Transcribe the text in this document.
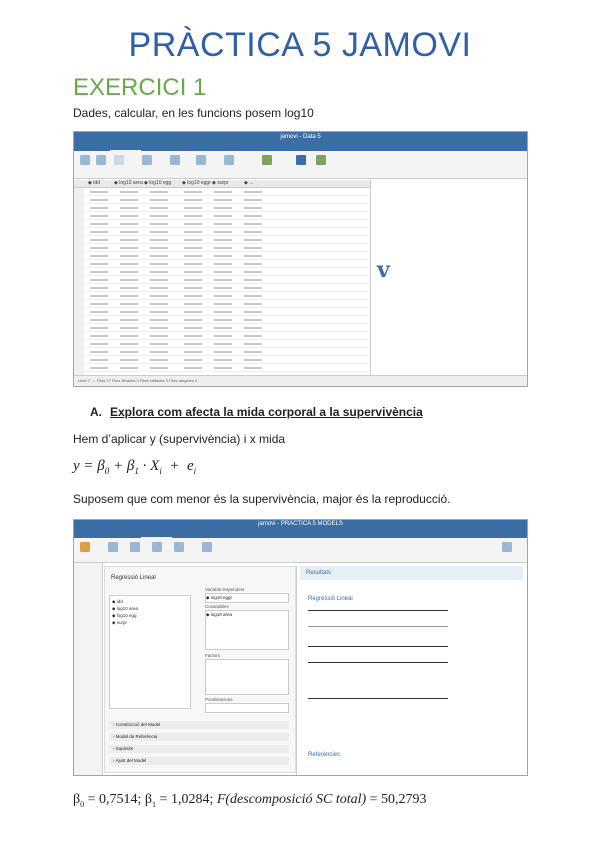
PRÀCTICA 5 JAMOVI
EXERCICI 1
Dades, calcular, en les funcions posem log10
jamovi - Data 5
◆ idd	◆ log10 area ◆ log10 egg ◆ log10 eggr ◆ surpr	◆ ...
v
Llest ▽ ↔ Files 27 Files filtrades 0 Files editades 0 Files afegides 0
A. Explora com afecta la mida corporal a la supervivència
Hem d’aplicar y (supervivència) i x mida
$y = \beta_0 + \beta_1 \cdot X_i + e_i$
Suposem que com menor és la supervivència, major és la reproducció.
jamovi - PRÀCTICA 5 MODELS
Regressió Lineal
◆ idd
◆ log10 area
◆ log10 egg
◆ surpr
Variable Dependent
◆ log10 eggr
Covariables
◆ log10 area
Factors
Ponderacions
› Construcció del Model
› Model de Referència
› Supòsits
› Ajust del Model
Resultats
Regressió Lineal
Referències
$\beta_0 = 0,7514$; $\beta_1 = 1,0284$; F(descomposició SC total) = 50,2793
